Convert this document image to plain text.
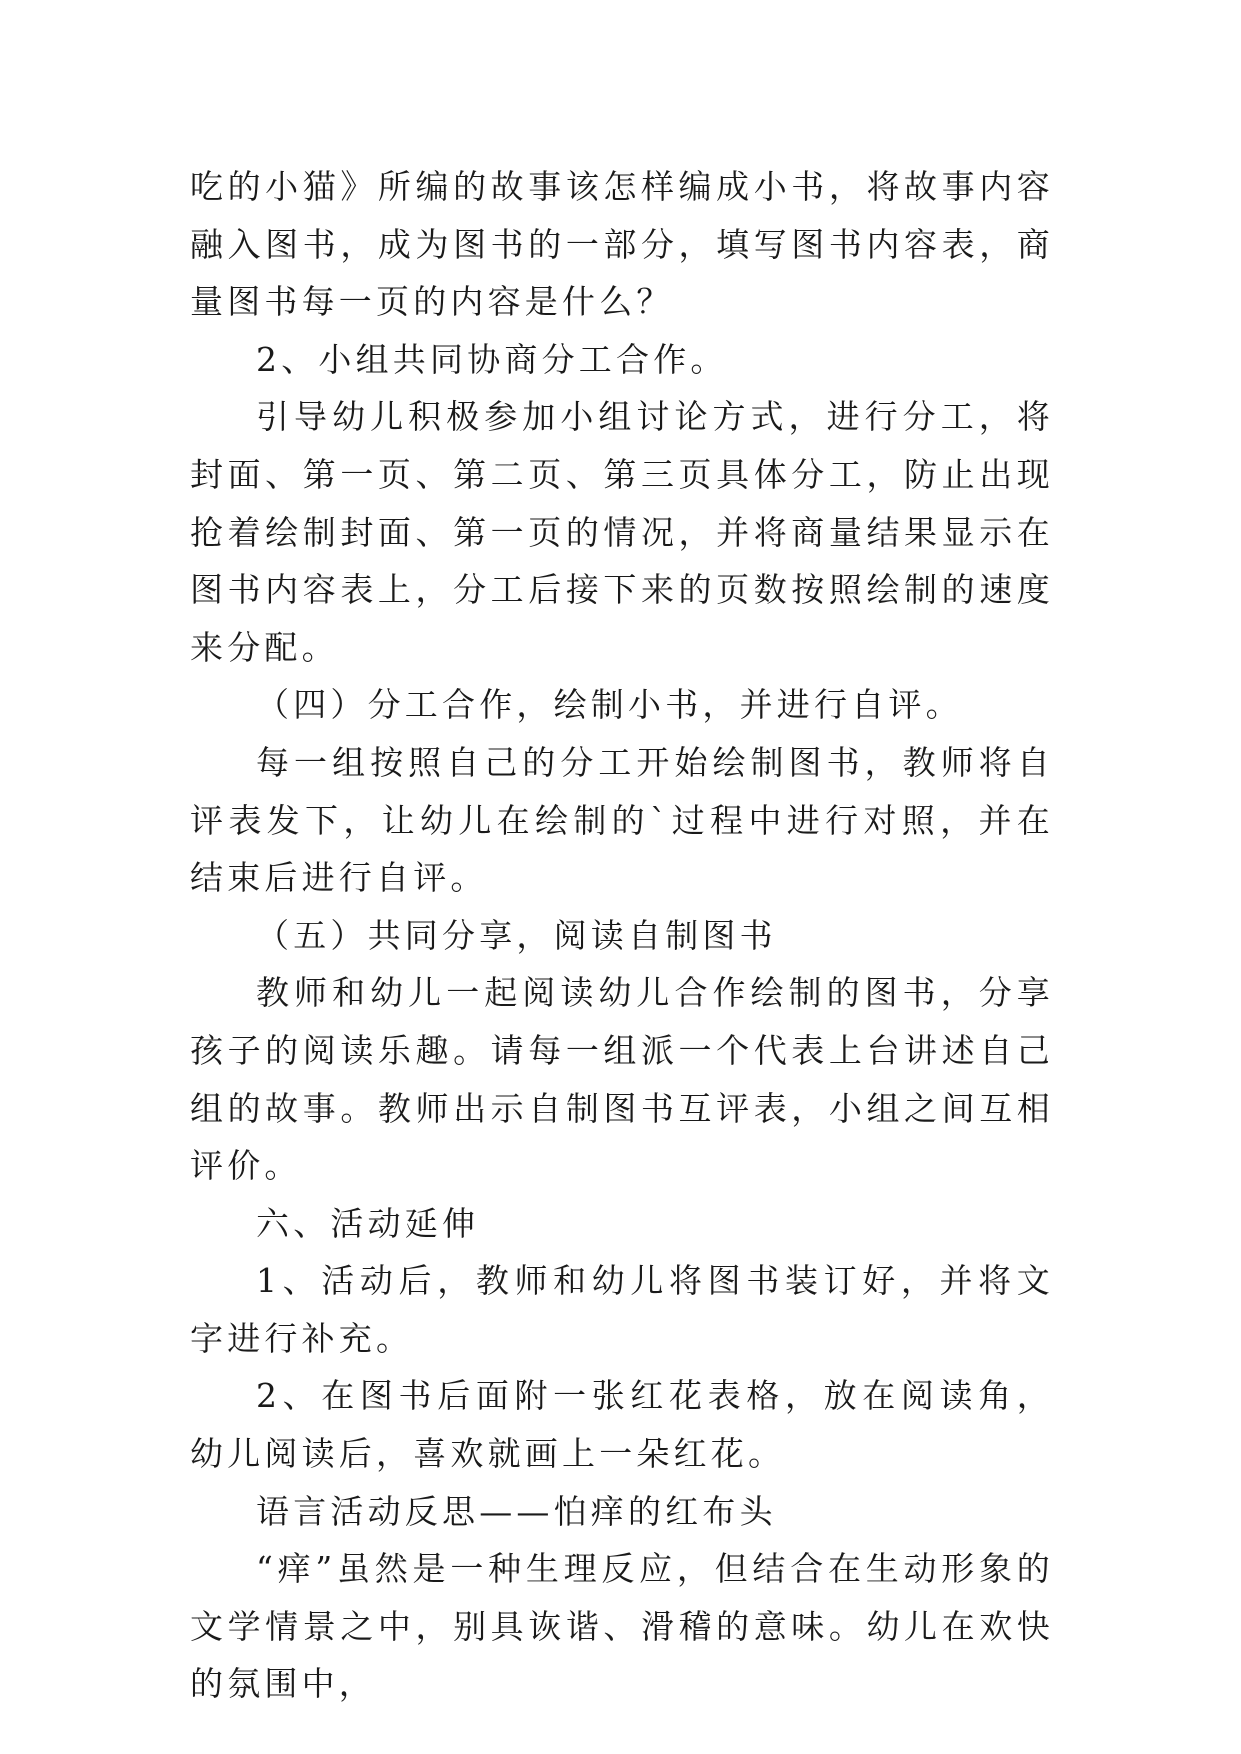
吃的小猫》所编的故事该怎样编成小书，将故事内容融入图书，成为图书的一部分，填写图书内容表，商量图书每一页的内容是什么？

2、小组共同协商分工合作。

引导幼儿积极参加小组讨论方式，进行分工，将封面、第一页、第二页、第三页具体分工，防止出现抢着绘制封面、第一页的情况，并将商量结果显示在图书内容表上，分工后接下来的页数按照绘制的速度来分配。

（四）分工合作，绘制小书，并进行自评。

每一组按照自己的分工开始绘制图书，教师将自评表发下，让幼儿在绘制的`过程中进行对照，并在结束后进行自评。

（五）共同分享，阅读自制图书

教师和幼儿一起阅读幼儿合作绘制的图书，分享孩子的阅读乐趣。请每一组派一个代表上台讲述自己组的故事。教师出示自制图书互评表，小组之间互相评价。

六、活动延伸

1、活动后，教师和幼儿将图书装订好，并将文字进行补充。

2、在图书后面附一张红花表格，放在阅读角，幼儿阅读后，喜欢就画上一朵红花。

语言活动反思——怕痒的红布头

“痒”虽然是一种生理反应，但结合在生动形象的文学情景之中，别具诙谐、滑稽的意味。幼儿在欢快的氛围中，
